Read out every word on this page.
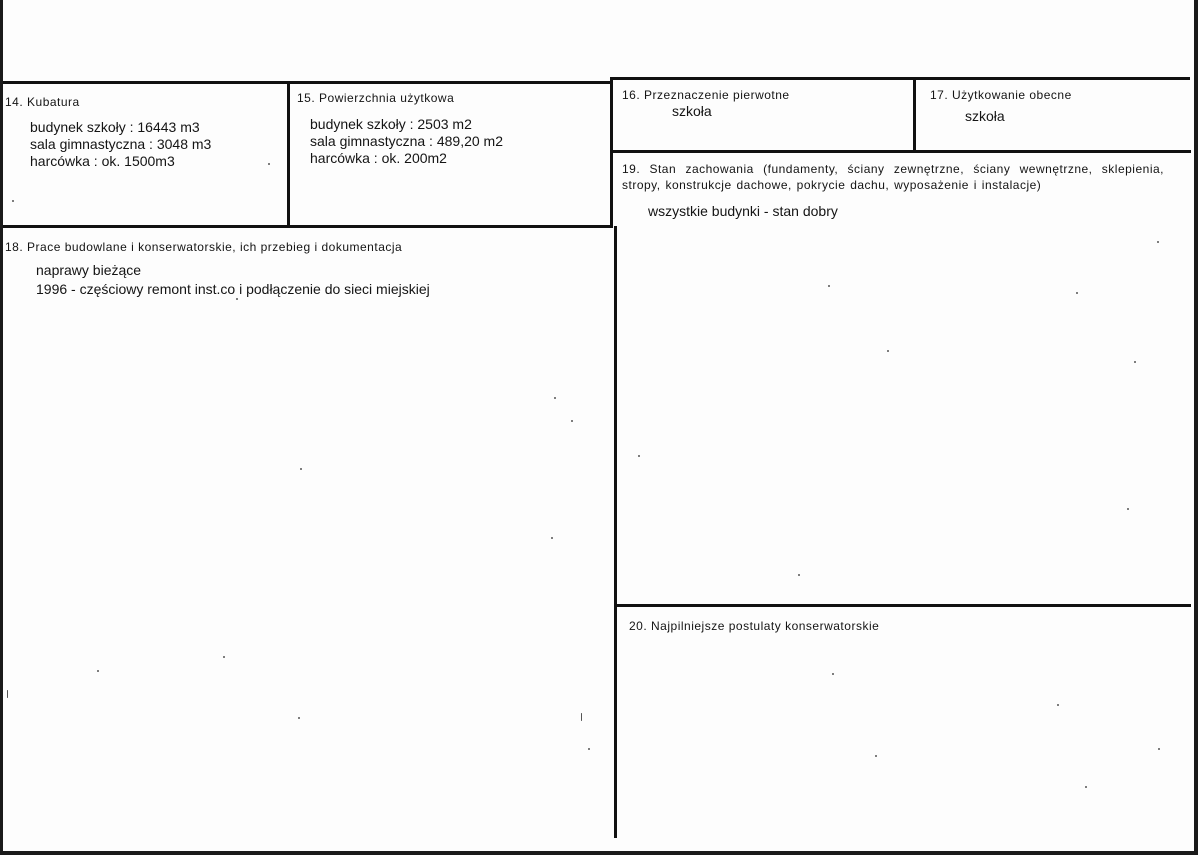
14. Kubatura
budynek szkoły : 16443 m3
sala gimnastyczna : 3048 m3
harcówka : ok. 1500m3
15. Powierzchnia użytkowa
budynek szkoły : 2503 m2
sala gimnastyczna : 489,20 m2
harcówka : ok. 200m2
16. Przeznaczenie pierwotne
szkoła
17. Użytkowanie obecne
szkoła
18. Prace budowlane i konserwatorskie, ich przebieg i dokumentacja
naprawy bieżące
1996 - częściowy remont inst.co i podłączenie do sieci miejskiej
19. Stan zachowania (fundamenty, ściany zewnętrzne, ściany wewnętrzne, sklepienia, stropy, konstrukcje dachowe, pokrycie dachu, wyposażenie i instalacje)
wszystkie budynki - stan dobry
20. Najpilniejsze postulaty konserwatorskie
